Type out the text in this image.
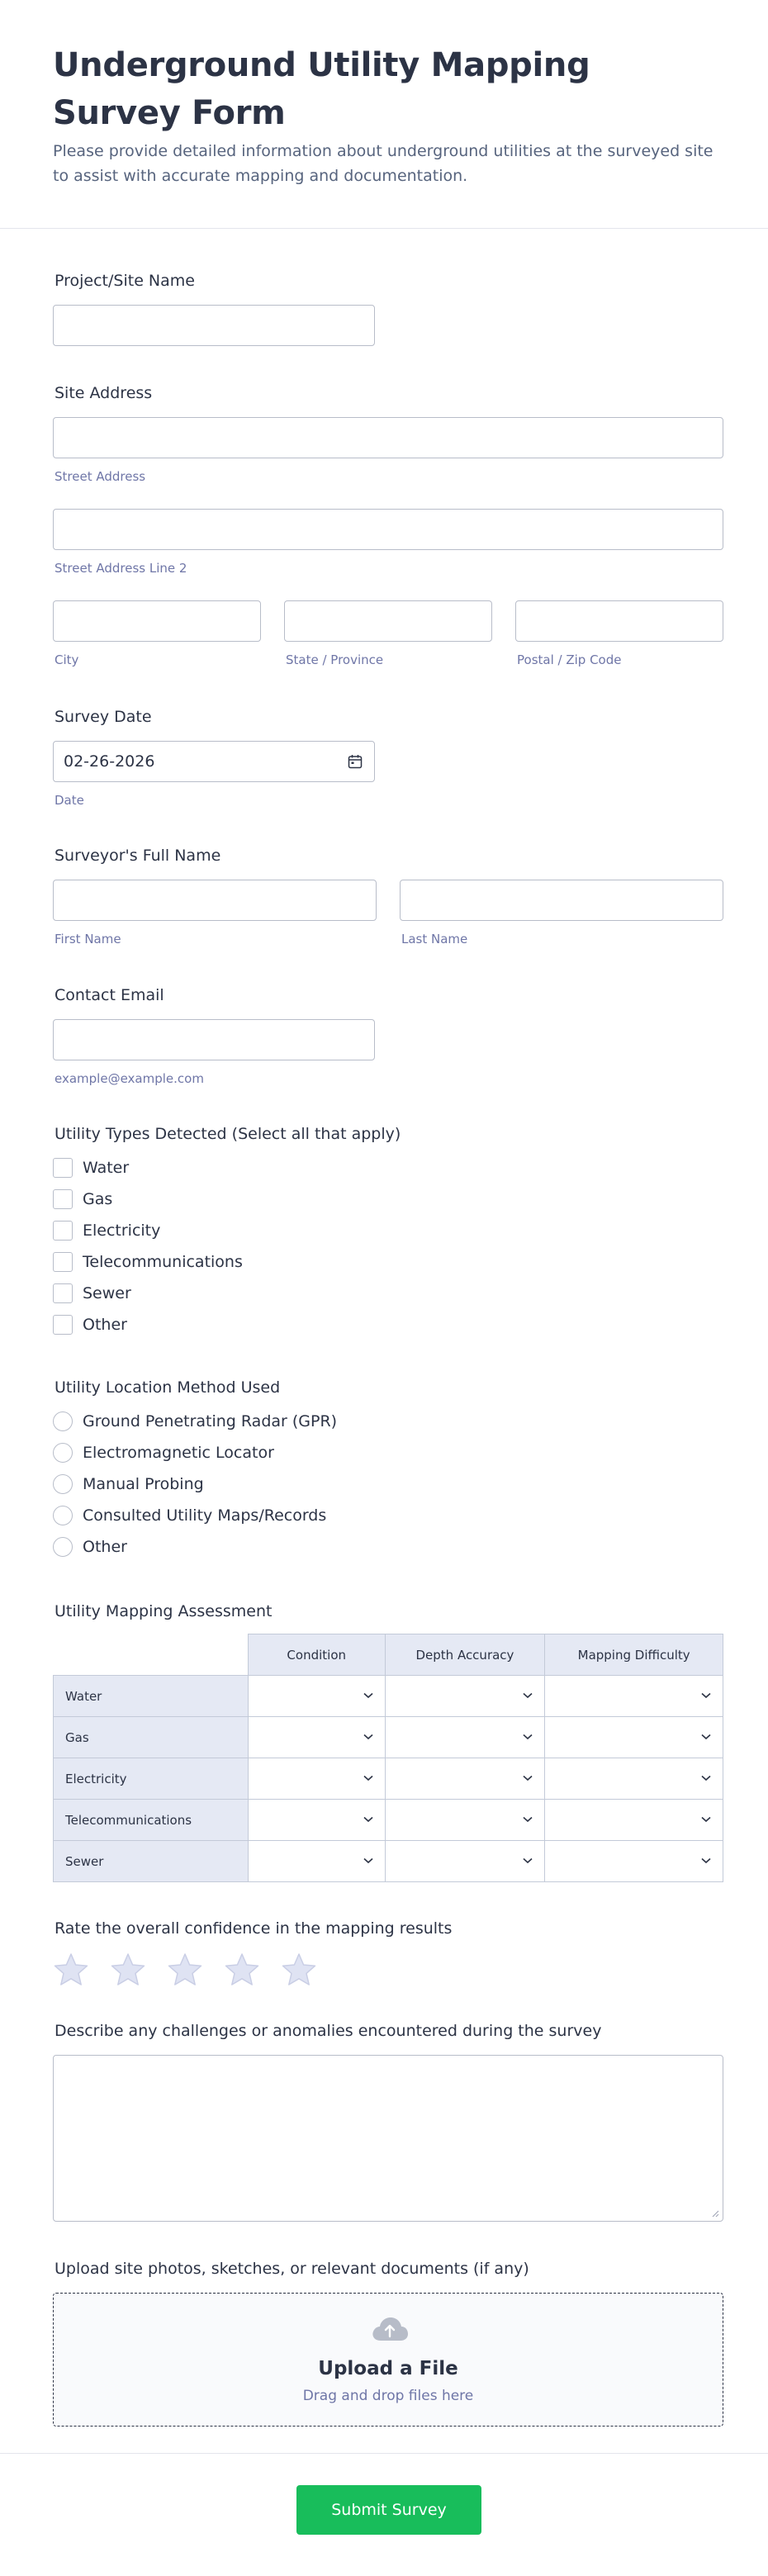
Underground Utility Mapping Survey Form

Please provide detailed information about underground utilities at the surveyed site to assist with accurate mapping and documentation.

Project/Site Name
Site Address
Street Address
Street Address Line 2
City	State / Province	Postal / Zip Code
Survey Date
02-26-2026
Date
Surveyor's Full Name
First Name	Last Name
Contact Email
example@example.com
Utility Types Detected (Select all that apply)
Water
Gas
Electricity
Telecommunications
Sewer
Other
Utility Location Method Used
Ground Penetrating Radar (GPR)
Electromagnetic Locator
Manual Probing
Consulted Utility Maps/Records
Other
Utility Mapping Assessment
	Condition	Depth Accuracy	Mapping Difficulty
Water	

Gas	

Electricity	

Telecommunications	

Sewer	

Rate the overall confidence in the mapping results
Describe any challenges or anomalies encountered during the survey
Upload site photos, sketches, or relevant documents (if any)
Upload a File
Drag and drop files here
Submit Survey
